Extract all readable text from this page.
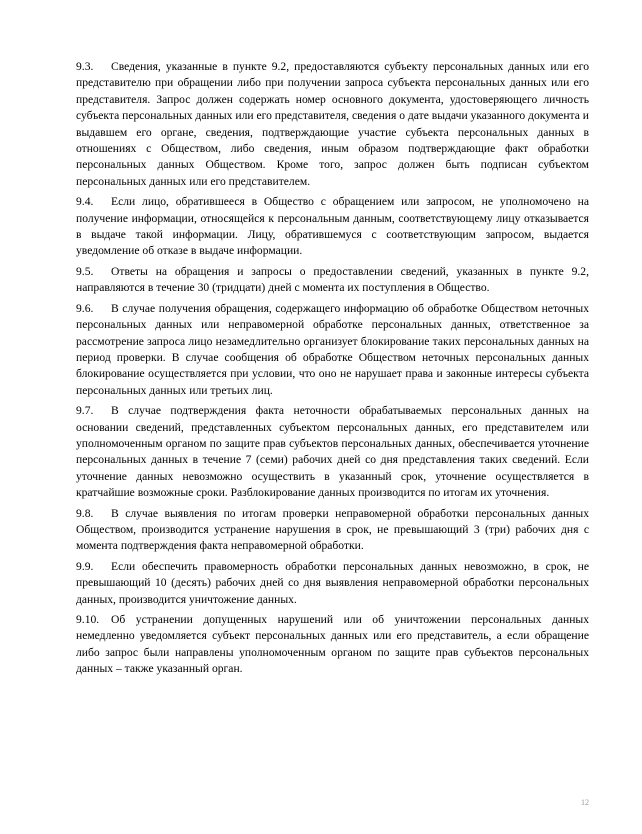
9.3. Сведения, указанные в пункте 9.2, предоставляются субъекту персональных данных или его представителю при обращении либо при получении запроса субъекта персональных данных или его представителя. Запрос должен содержать номер основного документа, удостоверяющего личность субъекта персональных данных или его представителя, сведения о дате выдачи указанного документа и выдавшем его органе, сведения, подтверждающие участие субъекта персональных данных в отношениях с Обществом, либо сведения, иным образом подтверждающие факт обработки персональных данных Обществом. Кроме того, запрос должен быть подписан субъектом персональных данных или его представителем.

9.4. Если лицо, обратившееся в Общество с обращением или запросом, не уполномочено на получение информации, относящейся к персональным данным, соответствующему лицу отказывается в выдаче такой информации. Лицу, обратившемуся с соответствующим запросом, выдается уведомление об отказе в выдаче информации.

9.5. Ответы на обращения и запросы о предоставлении сведений, указанных в пункте 9.2, направляются в течение 30 (тридцати) дней с момента их поступления в Общество.

9.6. В случае получения обращения, содержащего информацию об обработке Обществом неточных персональных данных или неправомерной обработке персональных данных, ответственное за рассмотрение запроса лицо незамедлительно организует блокирование таких персональных данных на период проверки. В случае сообщения об обработке Обществом неточных персональных данных блокирование осуществляется при условии, что оно не нарушает права и законные интересы субъекта персональных данных или третьих лиц.

9.7. В случае подтверждения факта неточности обрабатываемых персональных данных на основании сведений, представленных субъектом персональных данных, его представителем или уполномоченным органом по защите прав субъектов персональных данных, обеспечивается уточнение персональных данных в течение 7 (семи) рабочих дней со дня представления таких сведений. Если уточнение данных невозможно осуществить в указанный срок, уточнение осуществляется в кратчайшие возможные сроки. Разблокирование данных производится по итогам их уточнения.

9.8. В случае выявления по итогам проверки неправомерной обработки персональных данных Обществом, производится устранение нарушения в срок, не превышающий 3 (три) рабочих дня с момента подтверждения факта неправомерной обработки.

9.9. Если обеспечить правомерность обработки персональных данных невозможно, в срок, не превышающий 10 (десять) рабочих дней со дня выявления неправомерной обработки персональных данных, производится уничтожение данных.

9.10. Об устранении допущенных нарушений или об уничтожении персональных данных немедленно уведомляется субъект персональных данных или его представитель, а если обращение либо запрос были направлены уполномоченным органом по защите прав субъектов персональных данных – также указанный орган.

12
